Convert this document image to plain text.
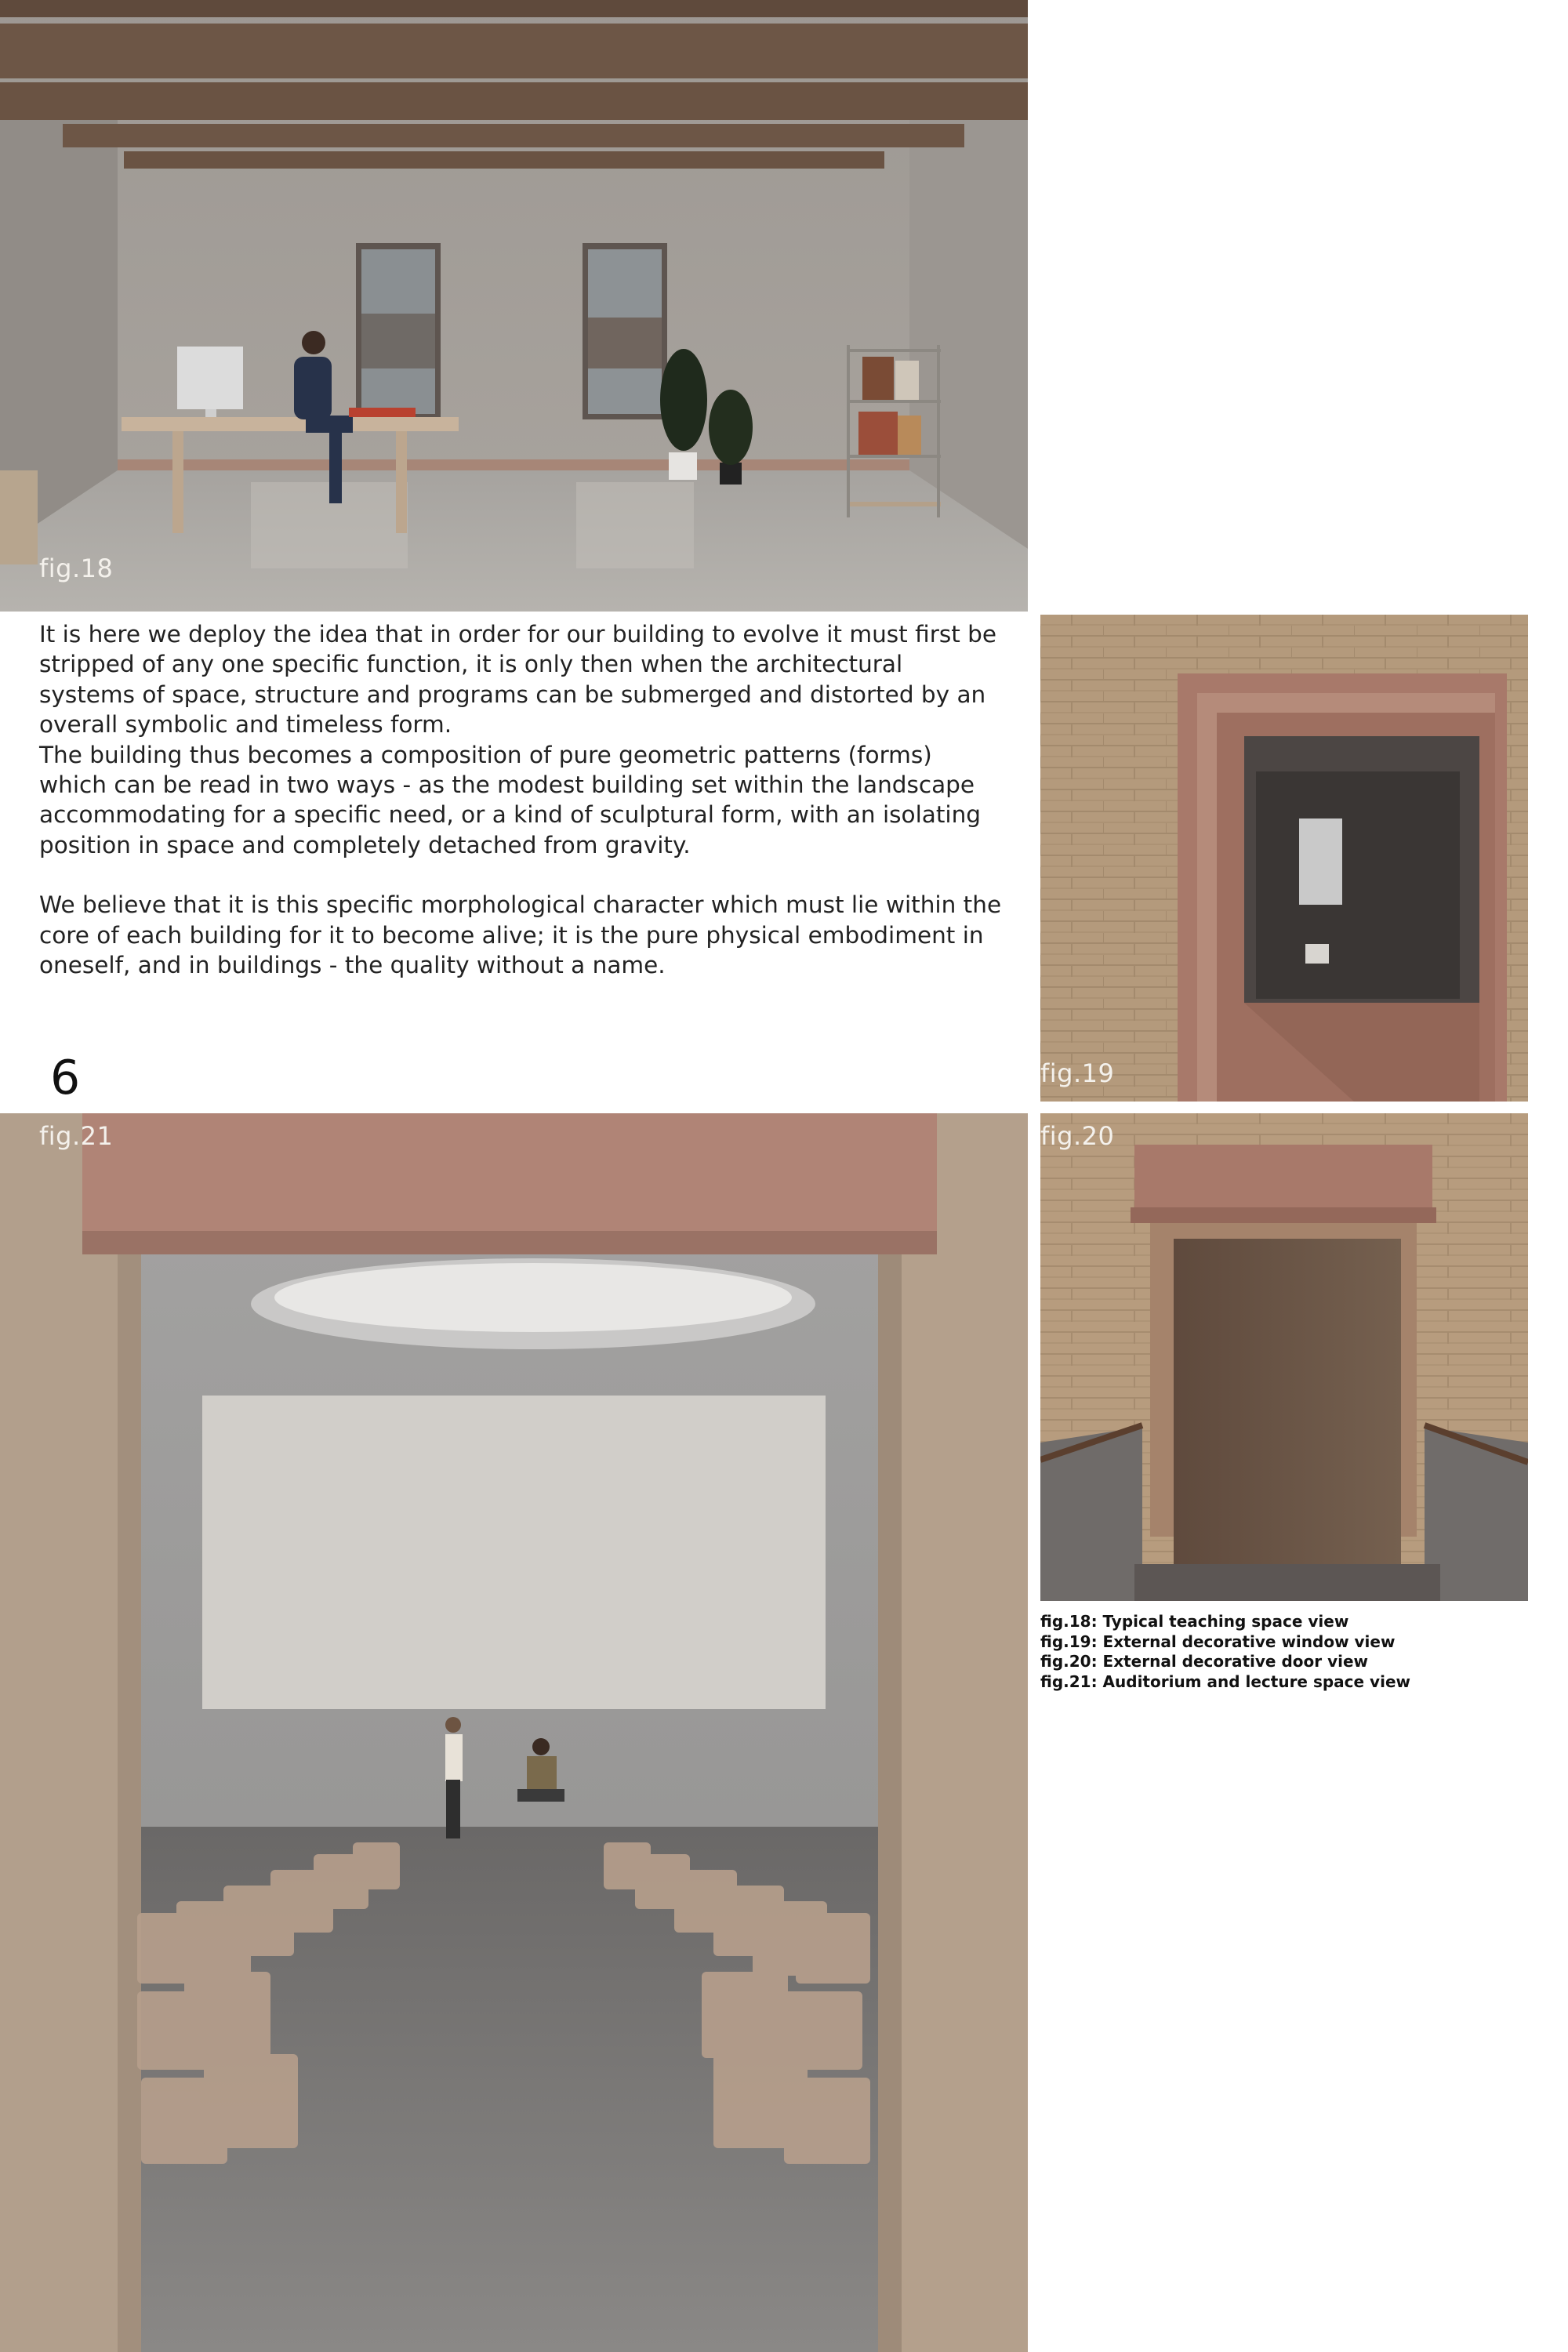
fig.18

It is here we deploy the idea that in order for our building to evolve it must first be stripped of any one specific function, it is only then when the architectural systems of space, structure and programs can be submerged and distorted by an overall symbolic and timeless form.

The building thus becomes a composition of pure geometric patterns (forms) which can be read in two ways - as the modest building set within the landscape accommodating for a specific need, or a kind of sculptural form, with an isolating position in space and completely detached from gravity.

We believe that it is this specific morphological character which must lie within the core of each building for it to become alive; it is the pure physical embodiment in oneself, and in buildings - the quality without a name.

6	fig.19
fig.20
fig.18: Typical teaching space view
fig.19: External decorative window view
fig.20: External decorative door view
fig.21: Auditorium and lecture space view
fig.21
